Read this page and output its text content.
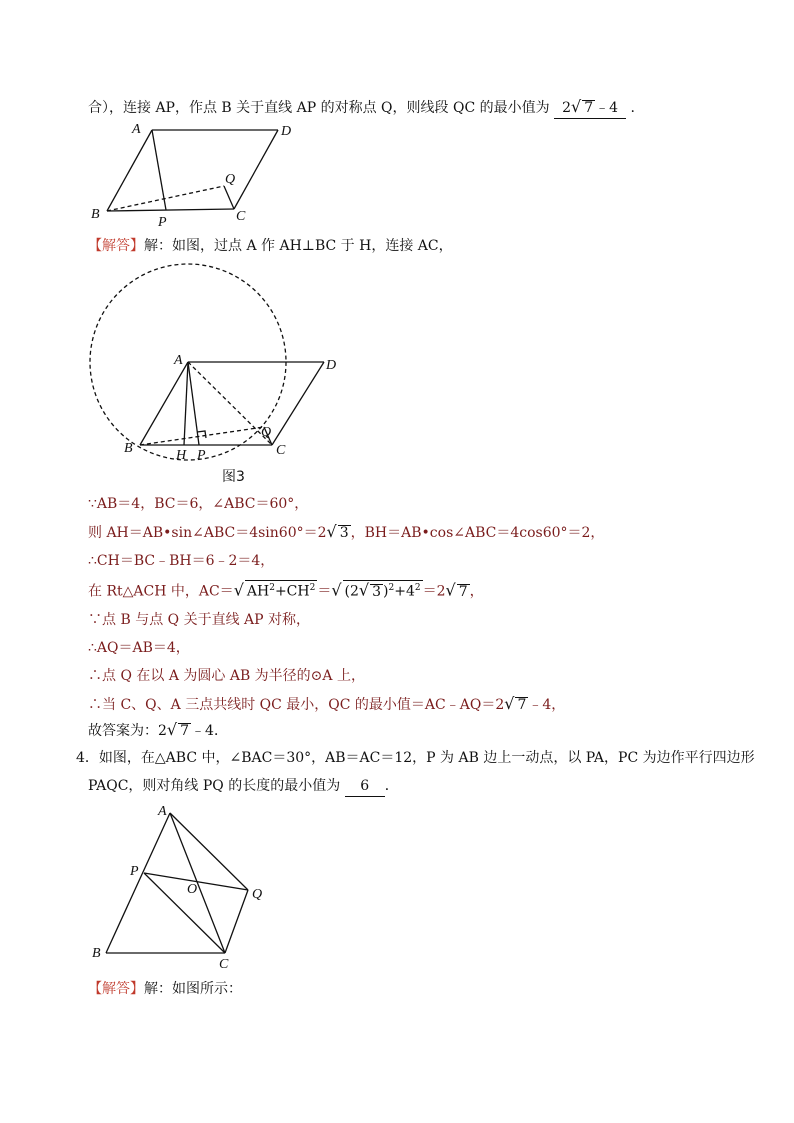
合），连接 AP，作点 B 关于直线 AP 的对称点 Q，则线段 QC 的最小值为 2√ 7 ﹣4 .
A	D
Q
B
P	C
【解答】解：如图，过点 A 作 AH⊥BC 于 H，连接 AC，
A	D
Q
B	H P	C
图3
∵AB＝4，BC＝6，∠ABC＝60°，
则 AH＝AB•sin∠ABC＝4sin60°＝2√ 3 ，BH＝AB•cos∠ABC＝4cos60°＝2，
∴CH＝BC﹣BH＝6﹣2＝4，
在 Rt△ACH 中，AC＝√ $AH^2+CH^2$ ＝√ (2√ 3 )$^2+4^2 =2√$ 7 ，
∵点 B 与点 Q 关于直线 AP 对称，
∴AQ＝AB＝4，
∴点 Q 在以 A 为圆心 AB 为半径的⊙A 上，
∴当 C、Q、A 三点共线时 QC 最小，QC 的最小值＝AC﹣AQ＝2√ 7 ﹣4，
故答案为：2√ 7 ﹣4．
4．如图，在△ABC 中，∠BAC＝30°，AB＝AC＝12，P 为 AB 边上一动点，以 PA，PC 为边作平行四边形
PAQC，则对角线 PQ 的长度的最小值为 6 ．
A
P
O	Q
B
C
【解答】解：如图所示：
